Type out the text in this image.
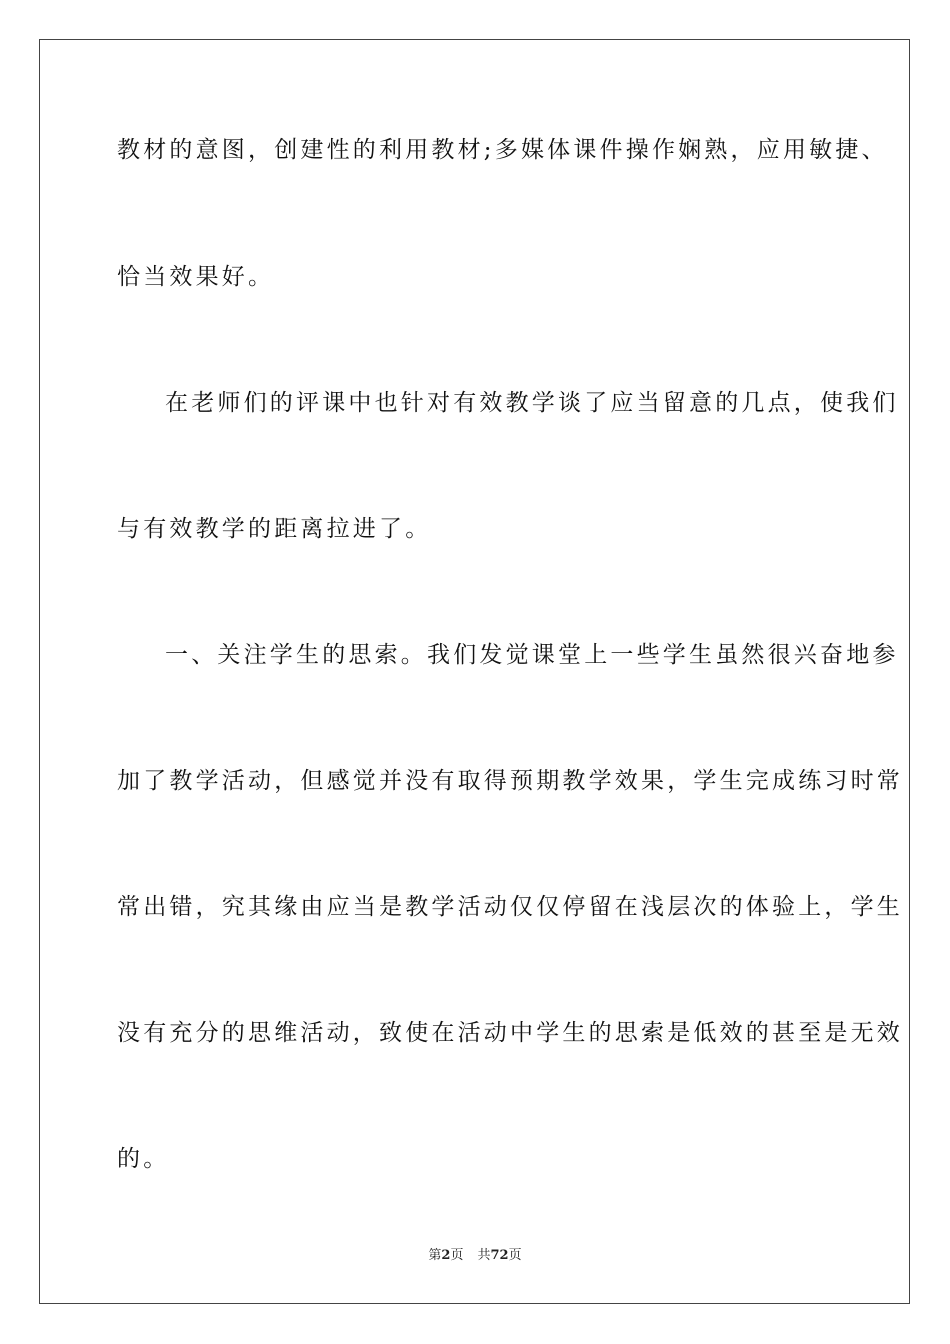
教材的意图，创建性的利用教材;多媒体课件操作娴熟，应用敏捷、
恰当效果好。
在老师们的评课中也针对有效教学谈了应当留意的几点，使我们
与有效教学的距离拉进了。
一、关注学生的思索。我们发觉课堂上一些学生虽然很兴奋地参
加了教学活动，但感觉并没有取得预期教学效果，学生完成练习时常
常出错，究其缘由应当是教学活动仅仅停留在浅层次的体验上，学生
没有充分的思维活动，致使在活动中学生的思索是低效的甚至是无效
的。
第2页 共72页
